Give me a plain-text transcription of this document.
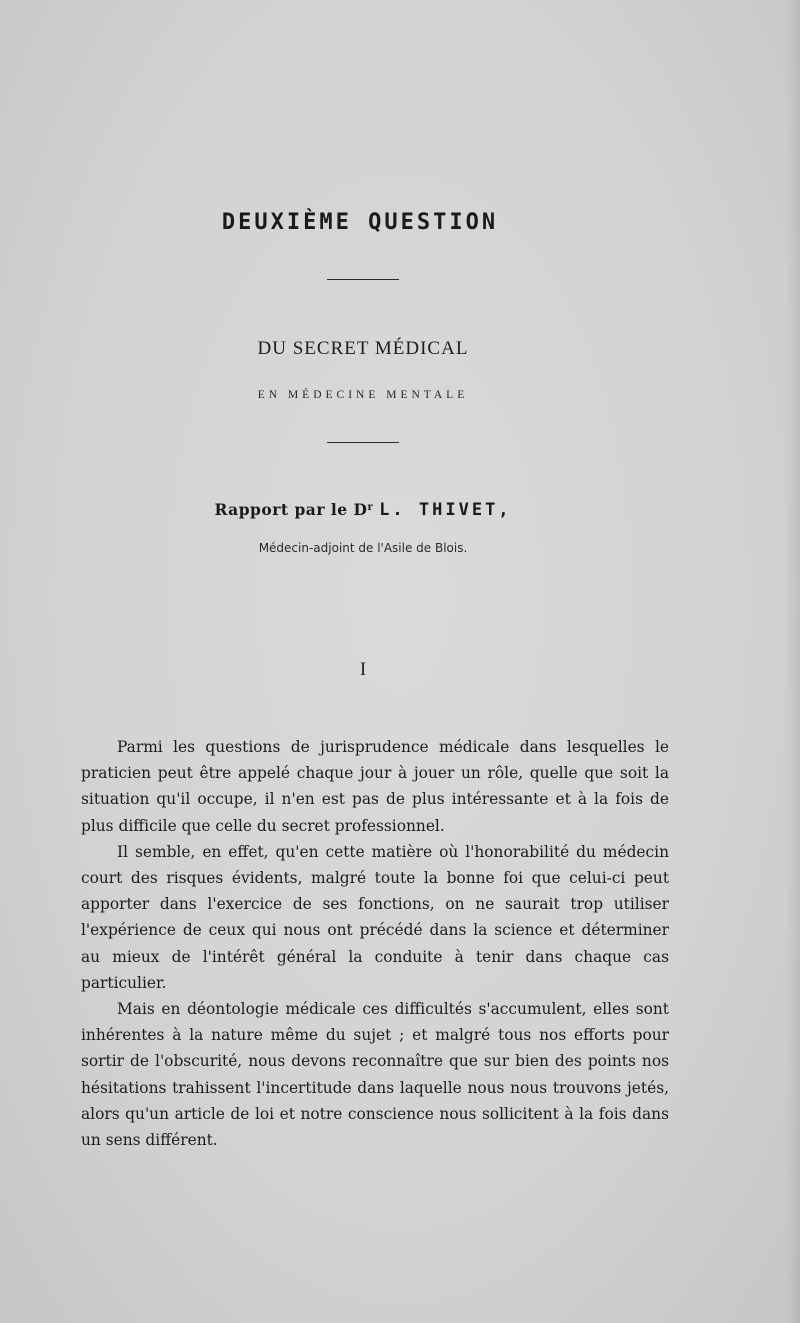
DEUXIÈME QUESTION
DU SECRET MÉDICAL
EN MÉDECINE MENTALE
Rapport par le $D^r$ L. THIVET,
Médecin-adjoint de l'Asile de Blois.
I

Parmi les questions de jurisprudence médicale dans lesquelles le praticien peut être appelé chaque jour à jouer un rôle, quelle que soit la situation qu'il occupe, il n'en est pas de plus intéressante et à la fois de plus difficile que celle du secret professionnel.

Il semble, en effet, qu'en cette matière où l'honorabilité du médecin court des risques évidents, malgré toute la bonne foi que celui-ci peut apporter dans l'exercice de ses fonctions, on ne saurait trop utiliser l'expérience de ceux qui nous ont précédé dans la science et déterminer au mieux de l'intérêt général la conduite à tenir dans chaque cas particulier.

Mais en déontologie médicale ces difficultés s'accumulent, elles sont inhérentes à la nature même du sujet ; et malgré tous nos efforts pour sortir de l'obscurité, nous devons reconnaître que sur bien des points nos hésitations trahissent l'incertitude dans laquelle nous nous trouvons jetés, alors qu'un article de loi et notre conscience nous sollicitent à la fois dans un sens différent.
